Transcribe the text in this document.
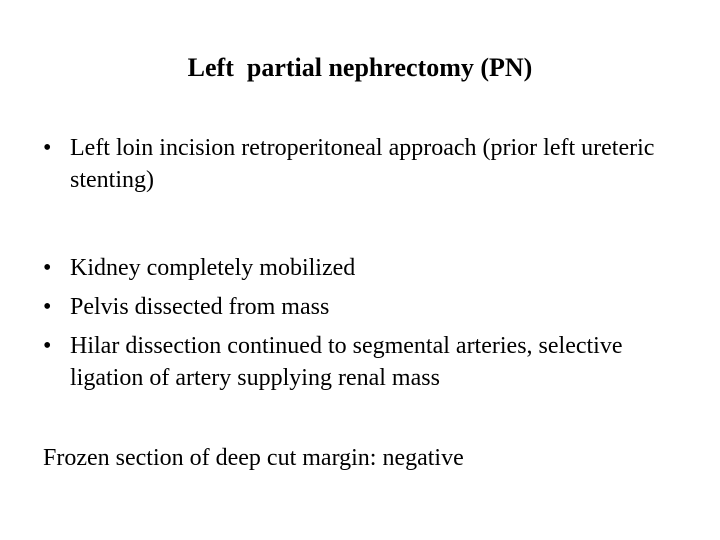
Left  partial nephrectomy (PN)
• Left loin incision retroperitoneal approach (prior left ureteric stenting)
• Kidney completely mobilized
• Pelvis dissected from mass
• Hilar dissection continued to segmental arteries, selective ligation of artery supplying renal mass
Frozen section of deep cut margin: negative
